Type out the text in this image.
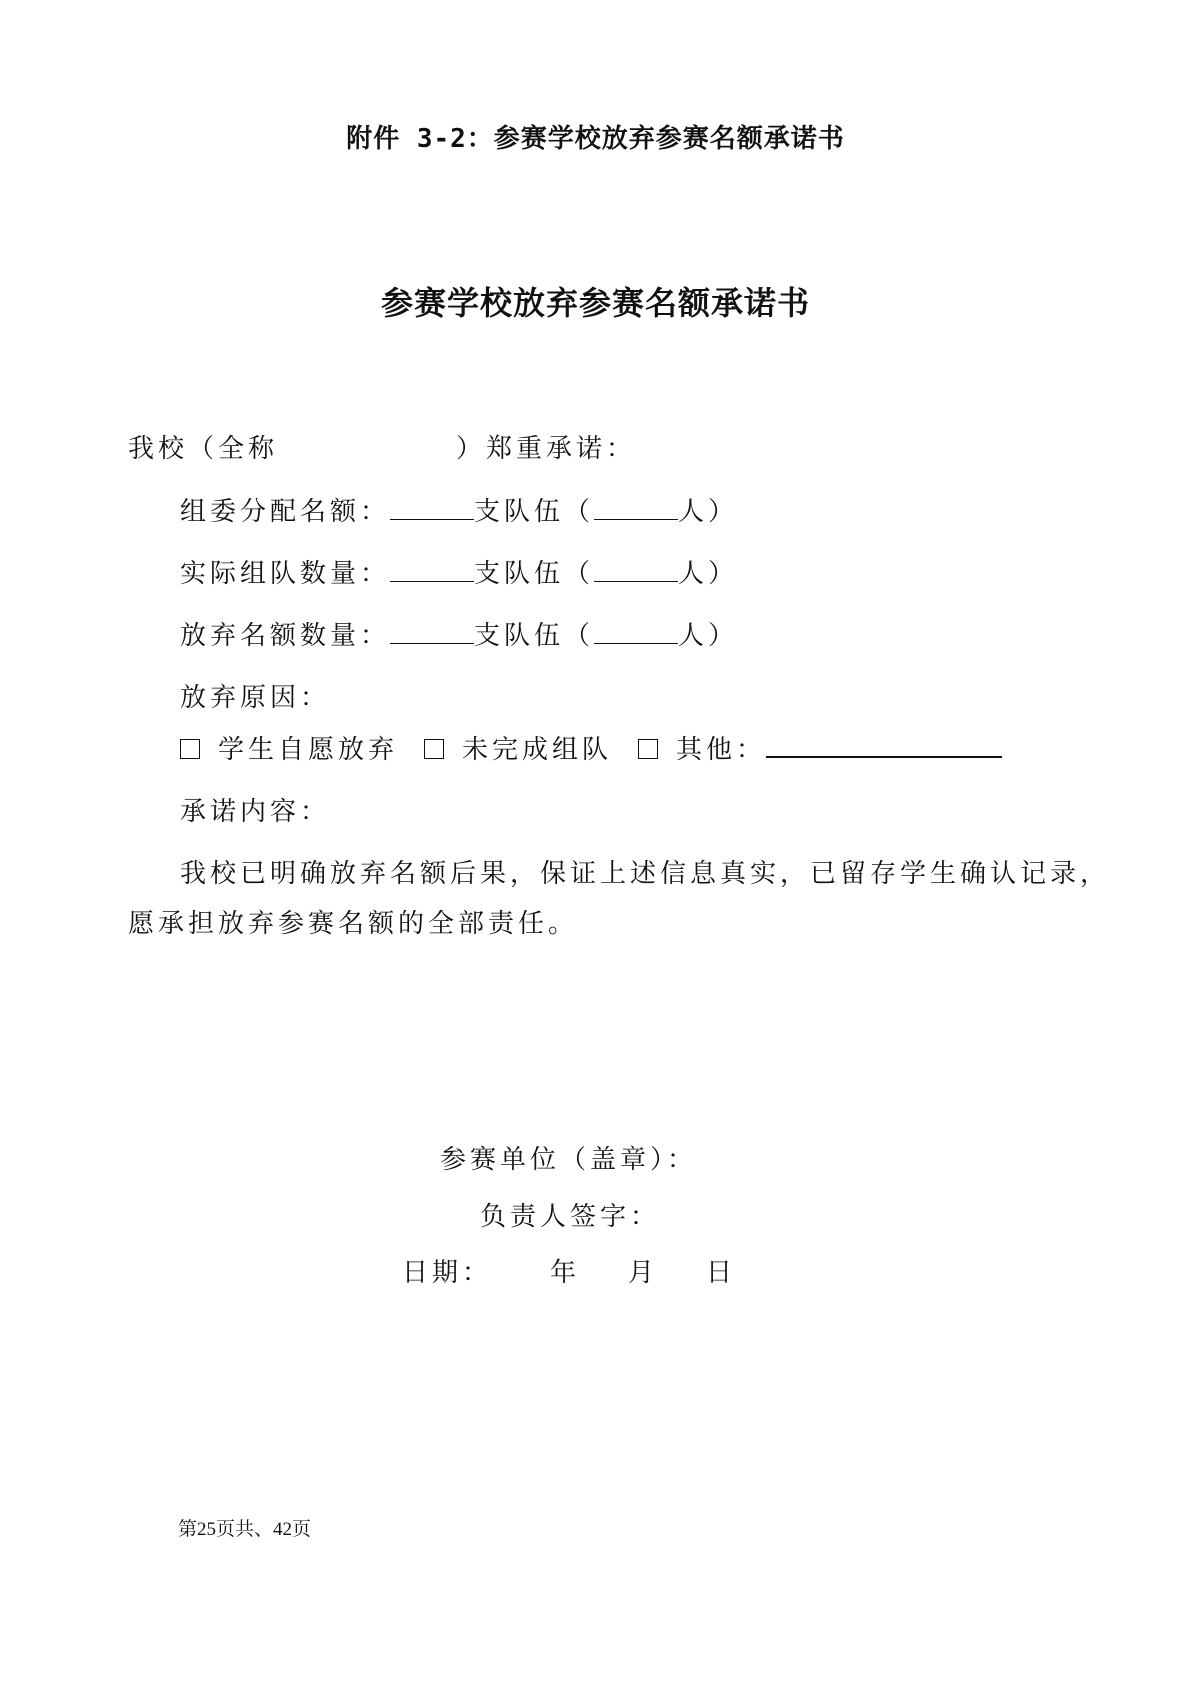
附件 3-2：参赛学校放弃参赛名额承诺书
参赛学校放弃参赛名额承诺书
我校（全称	）郑重承诺：
组委分配名额：	支队伍（	人）
实际组队数量：	支队伍（	人）
放弃名额数量：	支队伍（	人）
放弃原因：
学生自愿放弃 未完成组队 其他：
承诺内容：
我校已明确放弃名额后果，保证上述信息真实，已留存学生确认记录，
愿承担放弃参赛名额的全部责任。
参赛单位（盖章）：
负责人签字：
日期： 年 月 日
第25页共、42页
